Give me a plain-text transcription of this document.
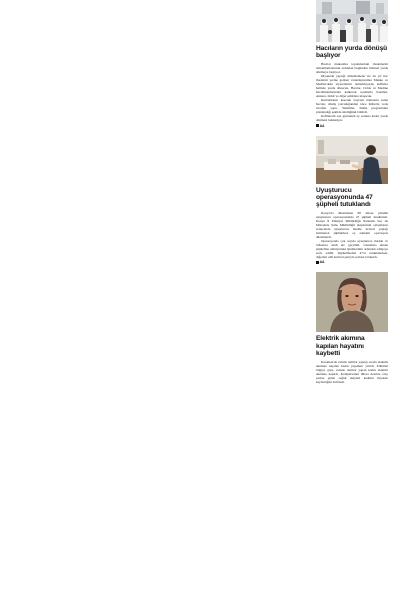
Hacıların yurda dönüşü başlıyor

Hacılar mukaddes topraklardaki ibadetlerini tamamlamalarının ardından bugünden itibaren yurda dönmeye başlıyor.

Diyanetin yaptığı düzenlemeler ile bu yıl hac ibadetini yerine getiren vatandaşlarımız Mekke ve Medine'deki ziyaretlerini tamamlayarak kafileler halinde yurda dönecek. Hacılar, Cidde ve Medine havalimanlarından kalkacak uçaklarla İstanbul, Ankara, İzmir ve diğer şehirlere ulaşacak.

Kurbanlarını keserek bayram namazını kılan hacılar, dönüş yolculuğundan önce Kâbe'de veda tavafını yaptı. Yetkililer, dönüş programının planlandığı şekilde sürdüğünü bildirdi.

Kafilelerin son grubunun ay sonuna kadar yurda dönmesi bekleniyor.

AA
Uyuşturucu operasyonunda 47 şüpheli tutuklandı

Konya'da düzenlenen 68 adrese yönelik uyuşturucu operasyonunda 47 şüpheli tutuklandı. Konya İl Emniyet Müdürlüğü Narkotik Suç ile Mücadele Şube Müdürlüğü ekiplerinin çalışmaları sonucunda uyuşturucu madde ticareti yaptığı belirlenen şüphelilere eş zamanlı operasyon düzenlendi.

Operasyonda çok sayıda uyuşturucu madde ve ruhsatsız silah ele geçirildi. Gözaltına alınan şüpheliler emniyetteki işlemlerinin ardından adliyeye sevk edildi. Şüphelilerden 47'si tutuklanırken, diğerleri adli kontrol şartıyla serbest bırakıldı.

AA
Elektrik akımına kapılan hayatını kaybetti

Karaman'da evinde tamirat yaptığı sırada elektrik akımına kapılan kadın yaşamını yitirdi. Edinilen bilgiye göre, evinde tamirat yapan kadın elektrik akımına kapıldı. Komşularının ihbarı üzerine olay yerine gelen sağlık ekipleri kadının hayatını kaybettiğini belirledi.
